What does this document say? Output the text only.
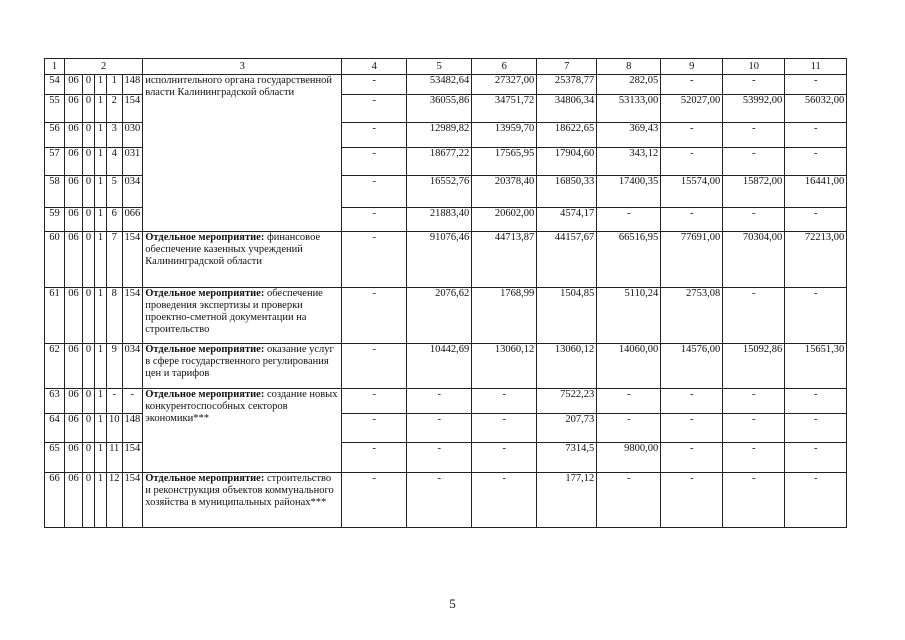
1	2					3	4	5	6	7	8	9	10	11
54	06	0	1	1	148	исполнительного органа государственной власти Калининградской области	-	53482,64	27327,00	25378,77	282,05	-	-	-
55	06	0	1	2	154		-	36055,86	34751,72	34806,34	53133,00	52027,00	53992,00	56032,00
56	06	0	1	3	030		-	12989,82	13959,70	18622,65	369,43	-	-	-
57	06	0	1	4	031		-	18677,22	17565,95	17904,60	343,12	-	-	-
58	06	0	1	5	034		-	16552,76	20378,40	16850,33	17400,35	15574,00	15872,00	16441,00
59	06	0	1	6	066		-	21883,40	20602,00	4574,17	-	-	-	-
60	06	0	1	7	154	Отдельное мероприятие: финансовое обеспечение казенных учреждений Калининградской области	-	91076,46	44713,87	44157,67	66516,95	77691,00	70304,00	72213,00
61	06	0	1	8	154	Отдельное мероприятие: обеспечение проведения экспертизы и проверки проектно-сметной документации на строительство	-	2076,62	1768,99	1504,85	5110,24	2753,08	-	-
62	06	0	1	9	034	Отдельное мероприятие: оказание услуг в сфере государственного регулирования цен и тарифов	-	10442,69	13060,12	13060,12	14060,00	14576,00	15092,86	15651,30
63	06	0	1	-	-	Отдельное мероприятие: создание новых конкурентоспособных секторов экономики***	-	-	-	7522,23	-	-	-	-
64	06	0	1	10	148		-	-	-	207,73	-	-	-	-
65	06	0	1	11	154		-	-	-	7314,5	9800,00	-	-	-
66	06	0	1	12	154	Отдельное мероприятие: строительство и реконструкция объектов коммунального хозяйства в муниципальных районах***	-	-	-	177,12	-	-	-	-
5
